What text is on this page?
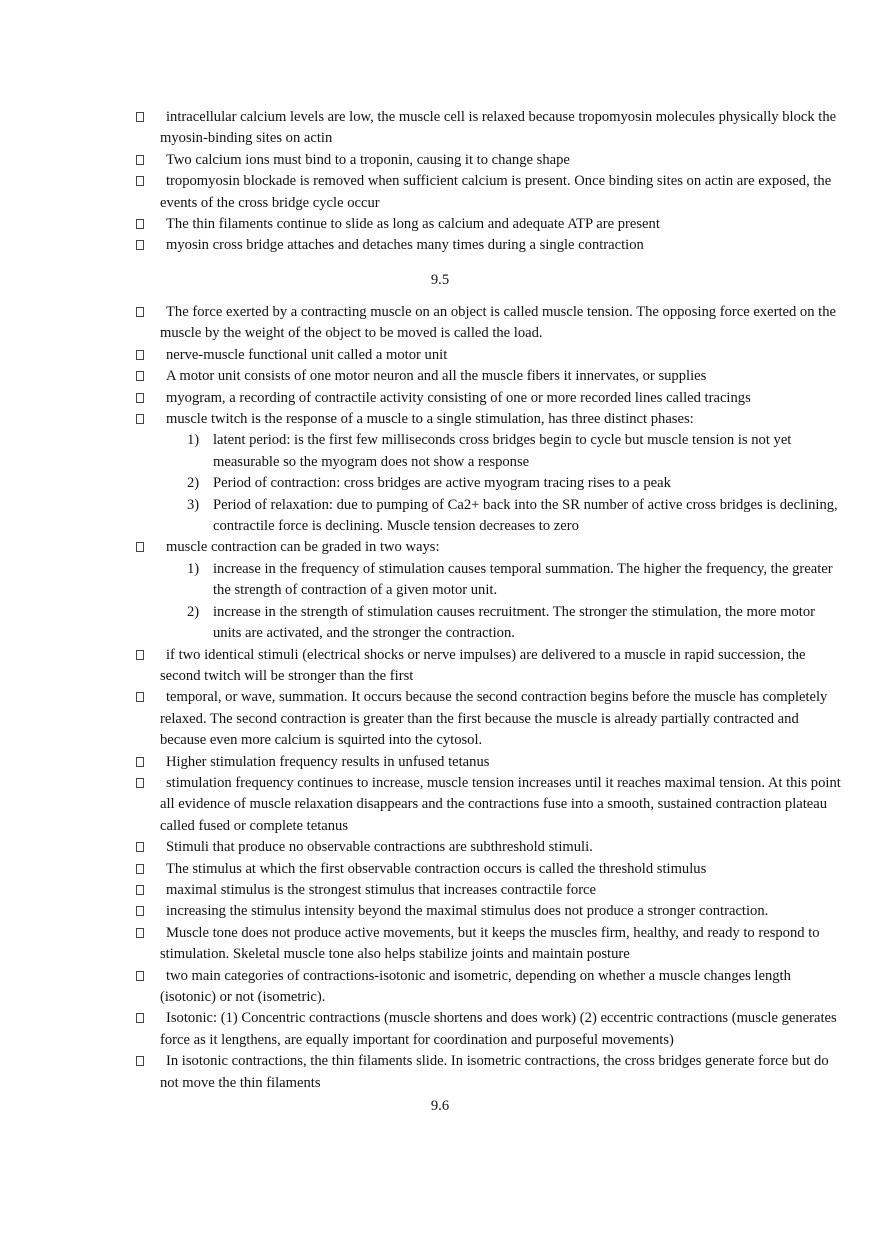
intracellular calcium levels are low, the muscle cell is relaxed because tropomyosin molecules physically block the myosin-binding sites on actin
Two calcium ions must bind to a troponin, causing it to change shape
tropomyosin blockade is removed when sufficient calcium is present. Once binding sites on actin are exposed, the events of the cross bridge cycle occur
The thin filaments continue to slide as long as calcium and adequate ATP are present
myosin cross bridge attaches and detaches many times during a single contraction
9.5
The force exerted by a contracting muscle on an object is called muscle tension. The opposing force exerted on the muscle by the weight of the object to be moved is called the load.
nerve-muscle functional unit called a motor unit
A motor unit consists of one motor neuron and all the muscle fibers it innervates, or supplies
myogram, a recording of contractile activity consisting of one or more recorded lines called tracings
muscle twitch is the response of a muscle to a single stimulation, has three distinct phases:
1) latent period: is the first few milliseconds cross bridges begin to cycle but muscle tension is not yet measurable so the myogram does not show a response
2) Period of contraction: cross bridges are active myogram tracing rises to a peak
3) Period of relaxation: due to pumping of Ca2+ back into the SR number of active cross bridges is declining, contractile force is declining. Muscle tension decreases to zero
muscle contraction can be graded in two ways:
1) increase in the frequency of stimulation causes temporal summation. The higher the frequency, the greater the strength of contraction of a given motor unit.
2) increase in the strength of stimulation causes recruitment. The stronger the stimulation, the more motor units are activated, and the stronger the contraction.
if two identical stimuli (electrical shocks or nerve impulses) are delivered to a muscle in rapid succession, the second twitch will be stronger than the first
temporal, or wave, summation. It occurs because the second contraction begins before the muscle has completely relaxed. The second contraction is greater than the first because the muscle is already partially contracted and because even more calcium is squirted into the cytosol.
Higher stimulation frequency results in unfused tetanus
stimulation frequency continues to increase, muscle tension increases until it reaches maximal tension. At this point all evidence of muscle relaxation disappears and the contractions fuse into a smooth, sustained contraction plateau called fused or complete tetanus
Stimuli that produce no observable contractions are subthreshold stimuli.
The stimulus at which the first observable contraction occurs is called the threshold stimulus
maximal stimulus is the strongest stimulus that increases contractile force
increasing the stimulus intensity beyond the maximal stimulus does not produce a stronger contraction.
Muscle tone does not produce active movements, but it keeps the muscles firm, healthy, and ready to respond to stimulation. Skeletal muscle tone also helps stabilize joints and maintain posture
two main categories of contractions-isotonic and isometric, depending on whether a muscle changes length (isotonic) or not (isometric).
Isotonic: (1) Concentric contractions (muscle shortens and does work) (2) eccentric contractions (muscle generates force as it lengthens, are equally important for coordination and purposeful movements)
In isotonic contractions, the thin filaments slide. In isometric contractions, the cross bridges generate force but do not move the thin filaments
9.6
